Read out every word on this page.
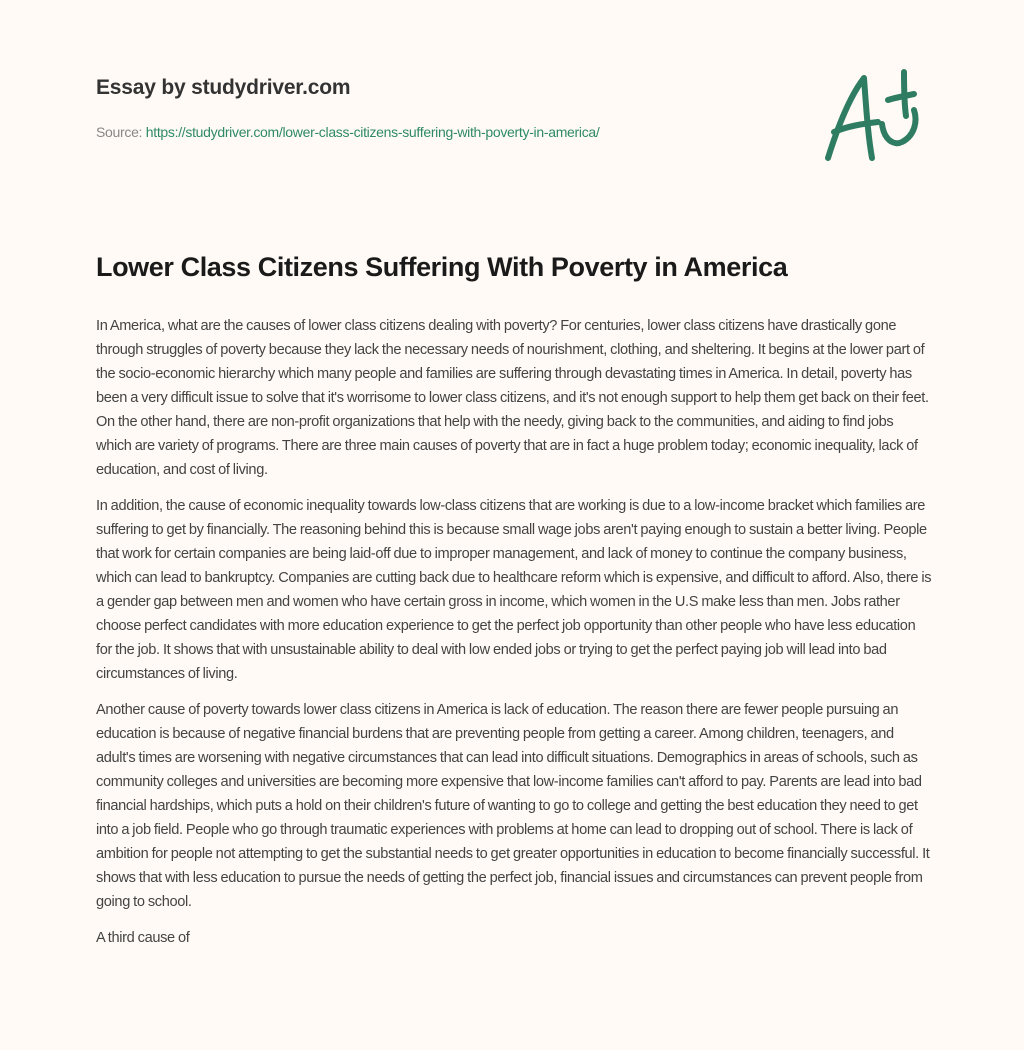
Essay by studydriver.com
Source: https://studydriver.com/lower-class-citizens-suffering-with-poverty-in-america/
Lower Class Citizens Suffering With Poverty in America

In America, what are the causes of lower class citizens dealing with poverty? For centuries, lower class citizens have drastically gone through struggles of poverty because they lack the necessary needs of nourishment, clothing, and sheltering. It begins at the lower part of the socio-economic hierarchy which many people and families are suffering through devastating times in America. In detail, poverty has been a very difficult issue to solve that it's worrisome to lower class citizens, and it's not enough support to help them get back on their feet. On the other hand, there are non-profit organizations that help with the needy, giving back to the communities, and aiding to find jobs which are variety of programs. There are three main causes of poverty that are in fact a huge problem today; economic inequality, lack of education, and cost of living.

In addition, the cause of economic inequality towards low-class citizens that are working is due to a low-income bracket which families are suffering to get by financially. The reasoning behind this is because small wage jobs aren't paying enough to sustain a better living. People that work for certain companies are being laid-off due to improper management, and lack of money to continue the company business, which can lead to bankruptcy. Companies are cutting back due to healthcare reform which is expensive, and difficult to afford. Also, there is a gender gap between men and women who have certain gross in income, which women in the U.S make less than men. Jobs rather choose perfect candidates with more education experience to get the perfect job opportunity than other people who have less education for the job. It shows that with unsustainable ability to deal with low ended jobs or trying to get the perfect paying job will lead into bad circumstances of living.

Another cause of poverty towards lower class citizens in America is lack of education. The reason there are fewer people pursuing an education is because of negative financial burdens that are preventing people from getting a career. Among children, teenagers, and adult's times are worsening with negative circumstances that can lead into difficult situations. Demographics in areas of schools, such as community colleges and universities are becoming more expensive that low-income families can't afford to pay. Parents are lead into bad financial hardships, which puts a hold on their children's future of wanting to go to college and getting the best education they need to get into a job field. People who go through traumatic experiences with problems at home can lead to dropping out of school. There is lack of ambition for people not attempting to get the substantial needs to get greater opportunities in education to become financially successful. It shows that with less education to pursue the needs of getting the perfect job, financial issues and circumstances can prevent people from going to school.

A third cause of
